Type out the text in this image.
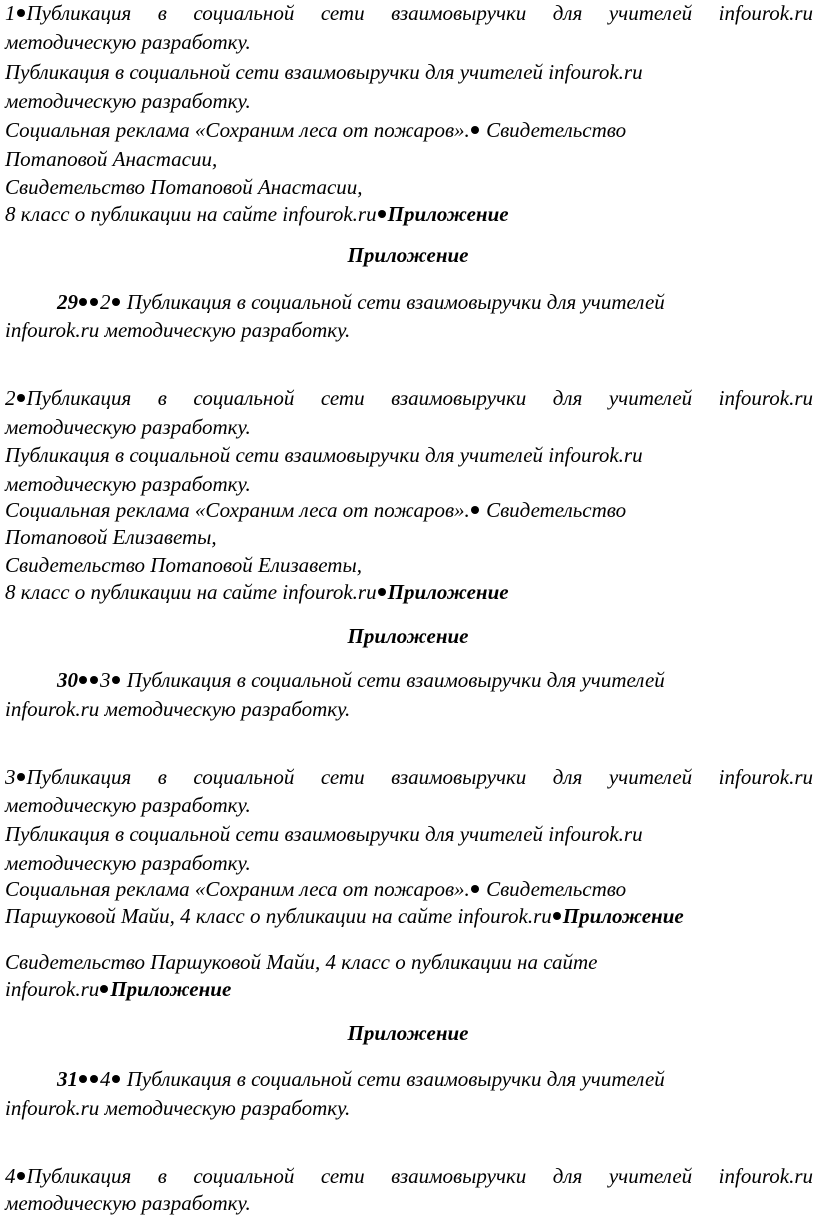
1 Публикация в социальной сети взаимовыручки для учителей infourok.ru
методическую разработку.
Публикация в социальной сети взаимовыручки для учителей infourok.ru
методическую разработку.
Социальная реклама «Сохраним леса от пожаров». Свидетельство
Потаповой Анастасии,
Свидетельство Потаповой Анастасии,
8 класс о публикации на сайте infourok.ru Приложение
Приложение
29 2 Публикация в социальной сети взаимовыручки для учителей
infourok.ru методическую разработку.
2 Публикация в социальной сети взаимовыручки для учителей infourok.ru
методическую разработку.
Публикация в социальной сети взаимовыручки для учителей infourok.ru
методическую разработку.
Социальная реклама «Сохраним леса от пожаров». Свидетельство
Потаповой Елизаветы,
Свидетельство Потаповой Елизаветы,
8 класс о публикации на сайте infourok.ru Приложение
Приложение
30 3 Публикация в социальной сети взаимовыручки для учителей
infourok.ru методическую разработку.
3 Публикация в социальной сети взаимовыручки для учителей infourok.ru
методическую разработку.
Публикация в социальной сети взаимовыручки для учителей infourok.ru
методическую разработку.
Социальная реклама «Сохраним леса от пожаров». Свидетельство
Паршуковой Майи, 4 класс о публикации на сайте infourok.ru Приложение
Свидетельство Паршуковой Майи, 4 класс о публикации на сайте
infourok.ru Приложение
Приложение
31 4 Публикация в социальной сети взаимовыручки для учителей
infourok.ru методическую разработку.
4 Публикация в социальной сети взаимовыручки для учителей infourok.ru
методическую разработку.
